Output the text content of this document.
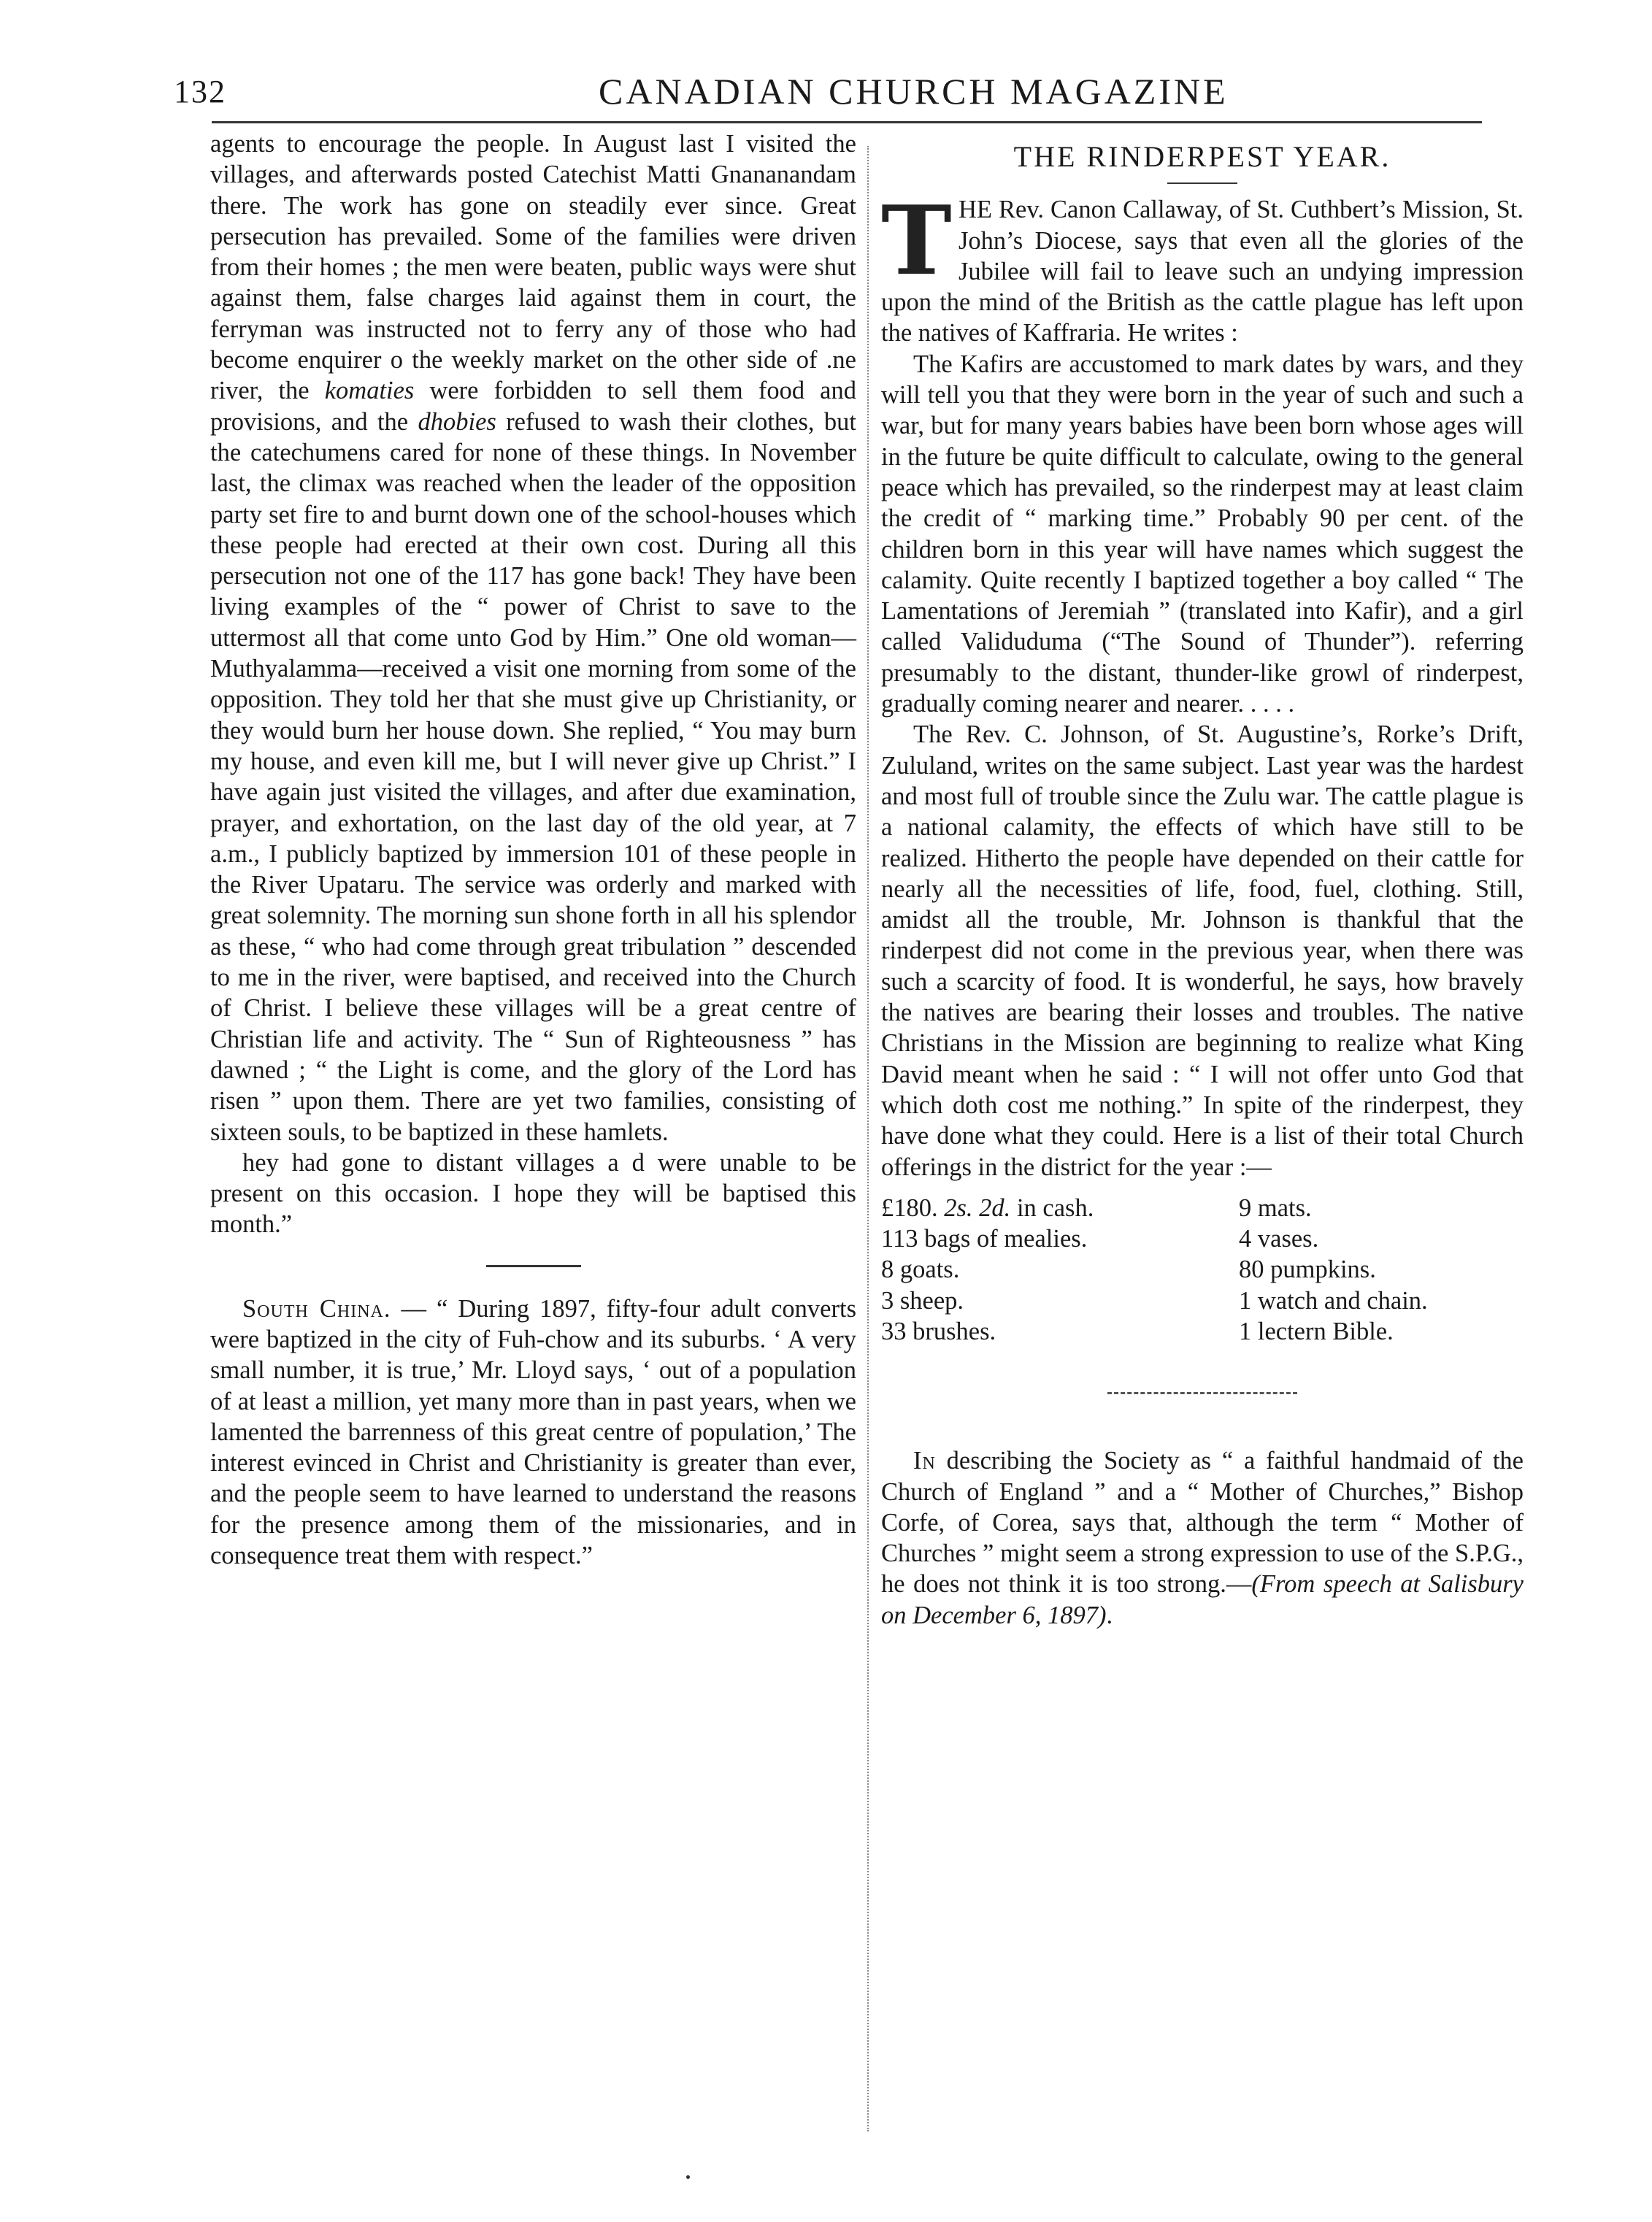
132	CANADIAN CHURCH MAGAZINE

agents to encourage the people. In August last I visited the villages, and afterwards posted Catechist Matti Gnananandam there. The work has gone on steadily ever since. Great persecution has prevailed. Some of the families were driven from their homes ; the men were beaten, public ways were shut against them, false charges laid against them in court, the ferryman was instructed not to ferry any of those who had become enquirer o the weekly market on the other side of .ne river, the komaties were forbidden to sell them food and provisions, and the dhobies refused to wash their clothes, but the catechumens cared for none of these things. In November last, the climax was reached when the leader of the opposition party set fire to and burnt down one of the school-houses which these people had erected at their own cost. During all this persecution not one of the 117 has gone back! They have been living examples of the “ power of Christ to save to the uttermost all that come unto God by Him.” One old woman—Muthyalamma—received a visit one morning from some of the opposition. They told her that she must give up Christianity, or they would burn her house down. She replied, “ You may burn my house, and even kill me, but I will never give up Christ.” I have again just visited the villages, and after due examination, prayer, and exhortation, on the last day of the old year, at 7 a.m., I publicly baptized by immersion 101 of these people in the River Upataru. The service was orderly and marked with great solemnity. The morning sun shone forth in all his splendor as these, “ who had come through great tribulation ” descended to me in the river, were baptised, and received into the Church of Christ. I believe these villages will be a great centre of Christian life and activity. The “ Sun of Righteousness ” has dawned ; “ the Light is come, and the glory of the Lord has risen ” upon them. There are yet two families, consisting of sixteen souls, to be baptized in these hamlets.

hey had gone to distant villages a d were unable to be present on this occasion. I hope they will be baptised this month.”

South China. — “ During 1897, fifty-four adult converts were baptized in the city of Fuh-chow and its suburbs. ‘ A very small number, it is true,’ Mr. Lloyd says, ‘ out of a population of at least a million, yet many more than in past years, when we lamented the barrenness of this great centre of population,’ The interest evinced in Christ and Christianity is greater than ever, and the people seem to have learned to understand the reasons for the presence among them of the missionaries, and in consequence treat them with respect.”

THE RINDERPEST YEAR.

THE Rev. Canon Callaway, of St. Cuthbert’s Mission, St. John’s Diocese, says that even all the glories of the Jubilee will fail to leave such an undying impression upon the mind of the British as the cattle plague has left upon the natives of Kaffraria. He writes :

The Kafirs are accustomed to mark dates by wars, and they will tell you that they were born in the year of such and such a war, but for many years babies have been born whose ages will in the future be quite difficult to calculate, owing to the general peace which has prevailed, so the rinderpest may at least claim the credit of “ marking time.” Probably 90 per cent. of the children born in this year will have names which suggest the calamity. Quite recently I baptized together a boy called “ The Lamentations of Jeremiah ” (translated into Kafir), and a girl called Validuduma (“The Sound of Thunder”). referring presumably to the distant, thunder-like growl of rinderpest, gradually coming nearer and nearer. . . . .

The Rev. C. Johnson, of St. Augustine’s, Rorke’s Drift, Zululand, writes on the same subject. Last year was the hardest and most full of trouble since the Zulu war. The cattle plague is a national calamity, the effects of which have still to be realized. Hitherto the people have depended on their cattle for nearly all the necessities of life, food, fuel, clothing. Still, amidst all the trouble, Mr. Johnson is thankful that the rinderpest did not come in the previous year, when there was such a scarcity of food. It is wonderful, he says, how bravely the natives are bearing their losses and troubles. The native Christians in the Mission are beginning to realize what King David meant when he said : “ I will not offer unto God that which doth cost me nothing.” In spite of the rinderpest, they have done what they could. Here is a list of their total Church offerings in the district for the year :—

£180. 2s. 2d. in cash.	9 mats.
113 bags of mealies.	4 vases.
8 goats.	80 pumpkins.
3 sheep.	1 watch and chain.
33 brushes.	1 lectern Bible.

In describing the Society as “ a faithful handmaid of the Church of England ” and a “ Mother of Churches,” Bishop Corfe, of Corea, says that, although the term “ Mother of Churches ” might seem a strong expression to use of the S.P.G., he does not think it is too strong.—(From speech at Salisbury on December 6, 1897).
